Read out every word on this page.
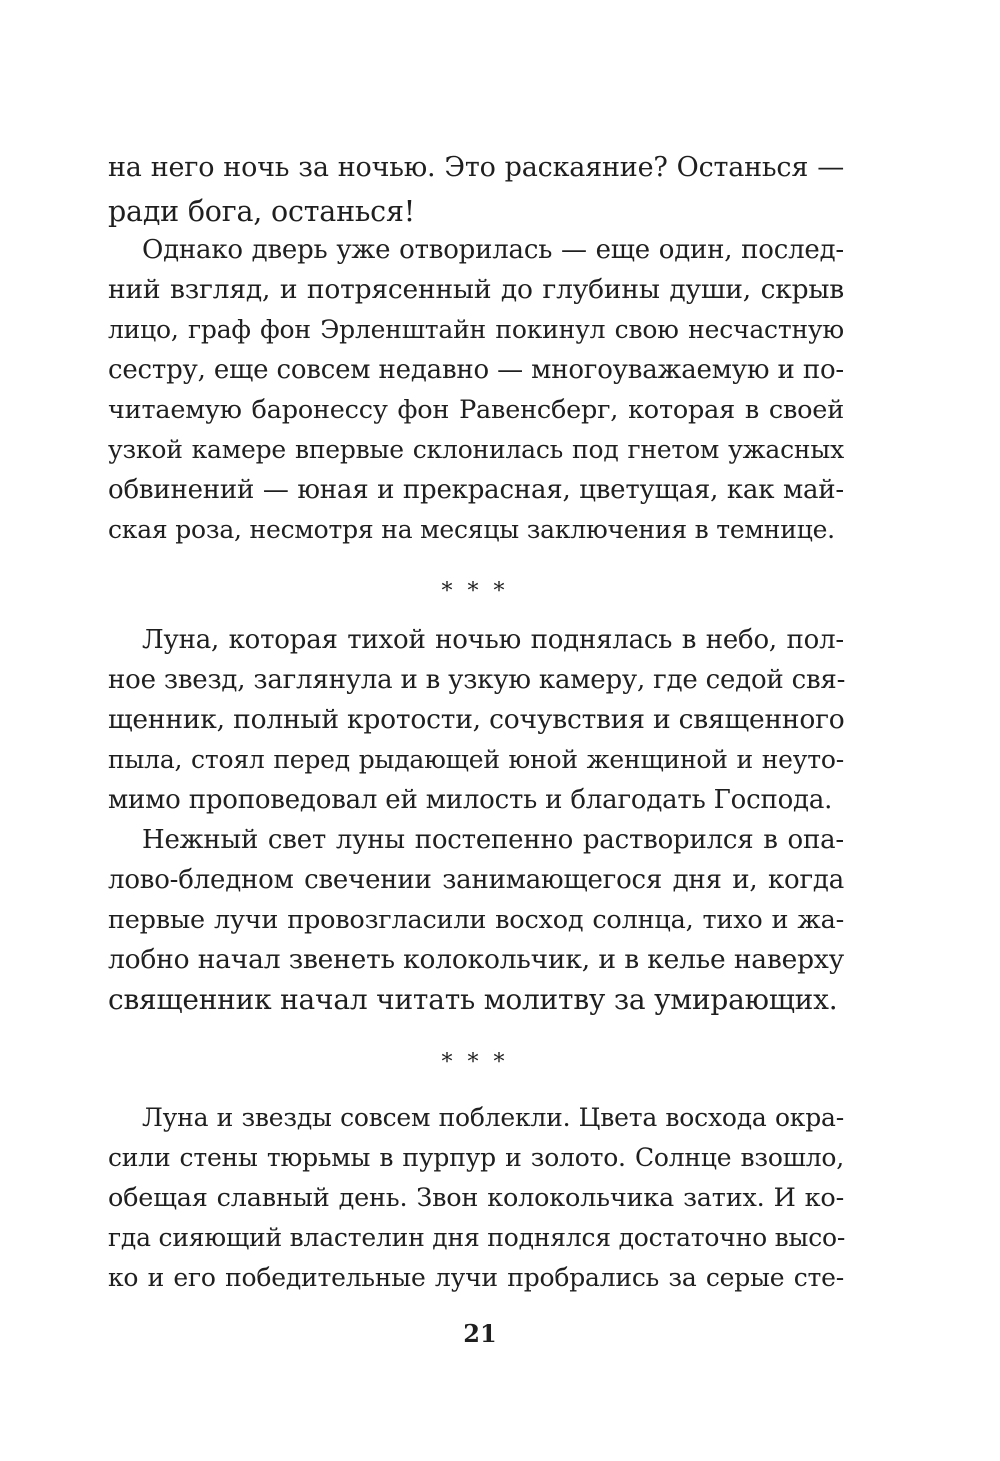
на него ночь за ночью. Это раскаяние? Останься —

ради бога, останься!

Однако дверь уже отворилась — еще один, послед-

ний взгляд, и потрясенный до глубины души, скрыв

лицо, граф фон Эрленштайн покинул свою несчастную

сестру, еще совсем недавно — многоуважаемую и по-

читаемую баронессу фон Равенсберг, которая в своей

узкой камере впервые склонилась под гнетом ужасных

обвинений — юная и прекрасная, цветущая, как май-

ская роза, несмотря на месяцы заключения в темнице.

* * *

Луна, которая тихой ночью поднялась в небо, пол-

ное звезд, заглянула и в узкую камеру, где седой свя-

щенник, полный кротости, сочувствия и священного

пыла, стоял перед рыдающей юной женщиной и неуто-

мимо проповедовал ей милость и благодать Господа.

Нежный свет луны постепенно растворился в опа-

лово-бледном свечении занимающегося дня и, когда

первые лучи провозгласили восход солнца, тихо и жа-

лобно начал звенеть колокольчик, и в келье наверху

священник начал читать молитву за умирающих.

* * *

Луна и звезды совсем поблекли. Цвета восхода окра-

сили стены тюрьмы в пурпур и золото. Солнце взошло,

обещая славный день. Звон колокольчика затих. И ко-

гда сияющий властелин дня поднялся достаточно высо-

ко и его победительные лучи пробрались за серые сте-

21
